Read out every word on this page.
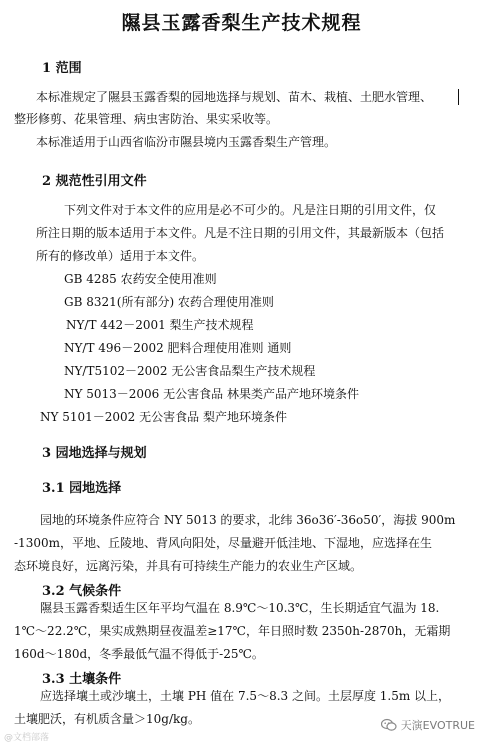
隰县玉露香梨生产技术规程
1 范围
本标准规定了隰县玉露香梨的园地选择与规划、苗木、栽植、土肥水管理、
整形修剪、花果管理、病虫害防治、果实采收等。
本标准适用于山西省临汾市隰县境内玉露香梨生产管理。
2 规范性引用文件
下列文件对于本文件的应用是必不可少的。凡是注日期的引用文件，仅
所注日期的版本适用于本文件。凡是不注日期的引用文件，其最新版本（包括
所有的修改单）适用于本文件。
GB 4285 农药安全使用准则
GB 8321(所有部分) 农药合理使用准则
NY/T 442－2001 梨生产技术规程
NY/T 496－2002 肥料合理使用准则 通则
NY/T5102－2002 无公害食品梨生产技术规程
NY 5013－2006 无公害食品 林果类产品产地环境条件
NY 5101－2002 无公害食品 梨产地环境条件
3 园地选择与规划
3.1 园地选择
园地的环境条件应符合 NY 5013 的要求，北纬 36o36′-36o50′，海拔 900m
-1300m，平地、丘陵地、背风向阳处，尽量避开低洼地、下湿地，应选择在生
态环境良好，远离污染，并具有可持续生产能力的农业生产区域。
3.2 气候条件
隰县玉露香梨适生区年平均气温在 8.9℃～10.3℃，生长期适宜气温为 18.
1℃～22.2℃，果实成熟期昼夜温差≥17℃，年日照时数 2350h-2870h，无霜期
160d～180d，冬季最低气温不得低于-25℃。
3.3 土壤条件
应选择壤土或沙壤土，土壤 PH 值在 7.5～8.3 之间。土层厚度 1.5m 以上，
土壤肥沃，有机质含量＞10g/kg。
@文档部落
天演EVOTRUE
